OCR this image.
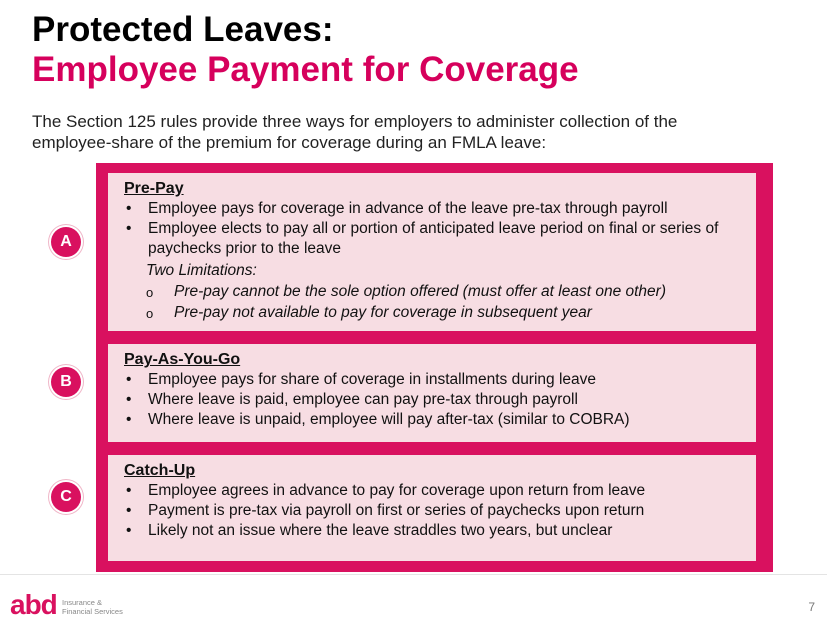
Protected Leaves:
Employee Payment for Coverage
The Section 125 rules provide three ways for employers to administer collection of the employee-share of the premium for coverage during an FMLA leave:
A
Pre-Pay
• Employee pays for coverage in advance of the leave pre-tax through payroll
• Employee elects to pay all or portion of anticipated leave period on final or series of paychecks prior to the leave
Two Limitations:
o Pre-pay cannot be the sole option offered (must offer at least one other)
o Pre-pay not available to pay for coverage in subsequent year
B
Pay-As-You-Go
• Employee pays for share of coverage in installments during leave
• Where leave is paid, employee can pay pre-tax through payroll
• Where leave is unpaid, employee will pay after-tax (similar to COBRA)
C
Catch-Up
• Employee agrees in advance to pay for coverage upon return from leave
• Payment is pre-tax via payroll on first or series of paychecks upon return
• Likely not an issue where the leave straddles two years, but unclear
abd Insurance &
Financial Services	7
